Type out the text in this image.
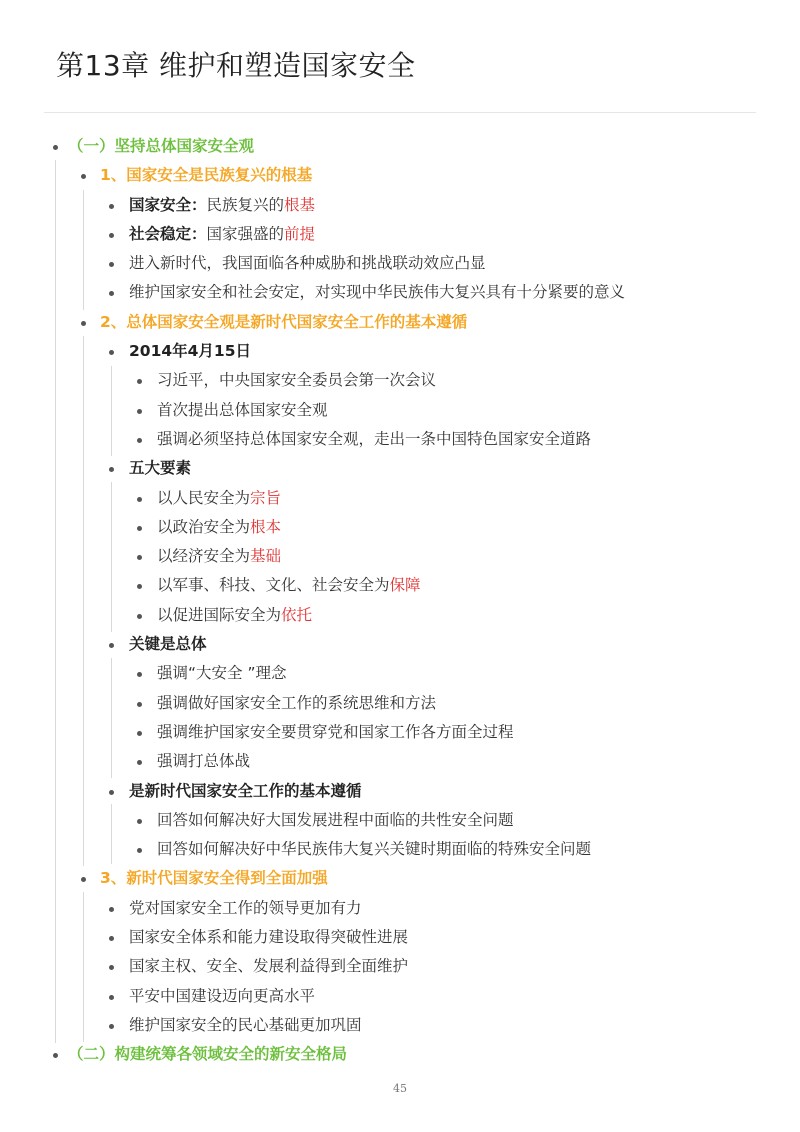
第13章 维护和塑造国家安全
（一）坚持总体国家安全观
1、国家安全是民族复兴的根基
国家安全：民族复兴的根基
社会稳定：国家强盛的前提
进入新时代，我国面临各种威胁和挑战联动效应凸显
维护国家安全和社会安定，对实现中华民族伟大复兴具有十分紧要的意义
2、总体国家安全观是新时代国家安全工作的基本遵循
2014年4月15日
习近平，中央国家安全委员会第一次会议
首次提出总体国家安全观
强调必须坚持总体国家安全观，走出一条中国特色国家安全道路
五大要素
以人民安全为宗旨
以政治安全为根本
以经济安全为基础
以军事、科技、文化、社会安全为保障
以促进国际安全为依托
关键是总体
强调“大安全 ”理念
强调做好国家安全工作的系统思维和方法
强调维护国家安全要贯穿党和国家工作各方面全过程
强调打总体战
是新时代国家安全工作的基本遵循
回答如何解决好大国发展进程中面临的共性安全问题
回答如何解决好中华民族伟大复兴关键时期面临的特殊安全问题
3、新时代国家安全得到全面加强
党对国家安全工作的领导更加有力
国家安全体系和能力建设取得突破性进展
国家主权、安全、发展利益得到全面维护
平安中国建设迈向更高水平
维护国家安全的民心基础更加巩固
（二）构建统筹各领域安全的新安全格局
45
